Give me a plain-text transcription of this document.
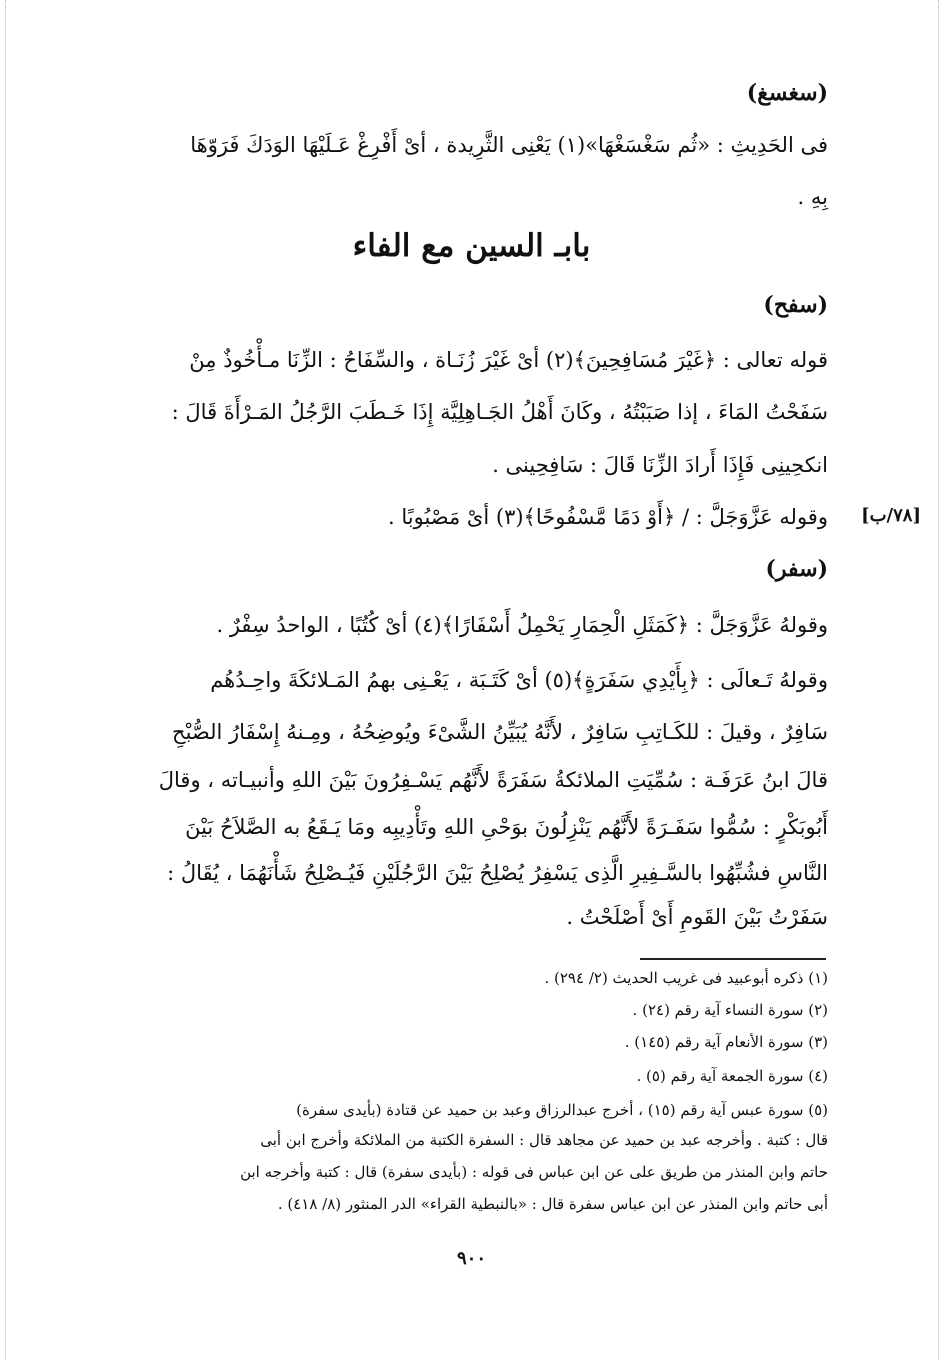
(سغسغ)
فى الحَدِيثِ : «ثُم سَغْسَغْهَا»(١) يَعْنِى الثَّرِيدة ، أىْ أَفْرِغْ عَـلَيْهَا الوَدَكَ فَرَوّهَا
بِهِ .
بابـ السين مع الفاء
(سفح)
قوله تعالى : ﴿غَيْرَ مُسَافِحِينَ﴾(٢) أىْ غَيْرَ زُنَـاة ، والسِّفَاحُ : الزِّنَا مـأْخُوذٌ مِنْ
سَفَحْتُ المَاءَ ، إذا صَبَبْتُهُ ، وكَانَ أَهْلُ الجَـاهِلِيَّة إِذَا خَـطَبَ الرَّجُلُ المَـرْأَةَ قَالَ :
انكحِينِى فَإِذَا أَرادَ الزِّنَا قَالَ : سَافِحِينى .
وقوله عَزَّوَجَلَّ : / ﴿أَوْ دَمًا مَّسْفُوحًا﴾(٣) أىْ مَصْبُوبًا .	[٧٨/ب]
(سفر)
وقولهُ عَزَّوَجَلَّ : ﴿كَمَثَلِ الْحِمَارِ يَحْمِلُ أَسْفَارًا﴾(٤) أىْ كُتُبًا ، الواحدُ سِفْرٌ .
وقولهُ تَـعالَى : ﴿بِأَيْدِي سَفَرَةٍ﴾(٥) أىْ كَتَـبَة ، يَعْـنِى بهمُ المَـلائكَةَ واحِـدُهُم
سَافِرٌ ، وقيلَ : للكَـاتِبِ سَافِرٌ ، لأَنَّهُ يُبَيِّنُ الشَّىْءَ ويُوضِحُهُ ، ومِـنهُ إِسْفَارُ الصُّبْحِ
قالَ ابنُ عَرَفَـة : سُمِّيَتِ الملائكةُ سَفَرَةً لأَنَّهُم يَسْـفِرُونَ بَيْنَ اللهِ وأنبيـاته ، وقالَ
أَبُوبَكْرٍ : سُمُّوا سَفَـرَةً لأَنَّهُم يَنْزِلُونَ بوَحْىِ اللهِ وتَأْدِيبِه ومَا يَـقَعُ به الصَّلاَحُ بَيْنَ
النَّاسِ فشُبِّهُوا بالسَّـفِيرِ الَّذِى يَسْفِرُ يُصْلِحُ بَيْنَ الرَّجُلَيْنِ فَيُـصْلِحُ شَأْنَهُمَا ، يُقَالُ :
سَفَرْتُ بَيْنَ القَومِ أَىْ أَصْلَحْتُ .
(١) ذكره أبوعبيد فى غريب الحديث (٢/ ٢٩٤) .
(٢) سورة النساء آية رقم (٢٤) .
(٣) سورة الأنعام آية رقم (١٤٥) .
(٤) سورة الجمعة آية رقم (٥) .
(٥) سورة عبس آية رقم (١٥) ، أخرج عبدالرزاق وعبد بن حميد عن قتادة (بأيدى سفرة)
قال : كتبة . وأخرجه عبد بن حميد عن مجاهد قال : السفرة الكتبة من الملائكة وأخرج ابن أبى
حاتم وابن المنذر من طريق على عن ابن عباس فى قوله : (بأيدى سفرة) قال : كتبة وأخرجه ابن
أبى حاتم وابن المنذر عن ابن عباس سفرة قال : «بالنبطية القراء» الدر المنثور (٨/ ٤١٨) .
٩٠٠
